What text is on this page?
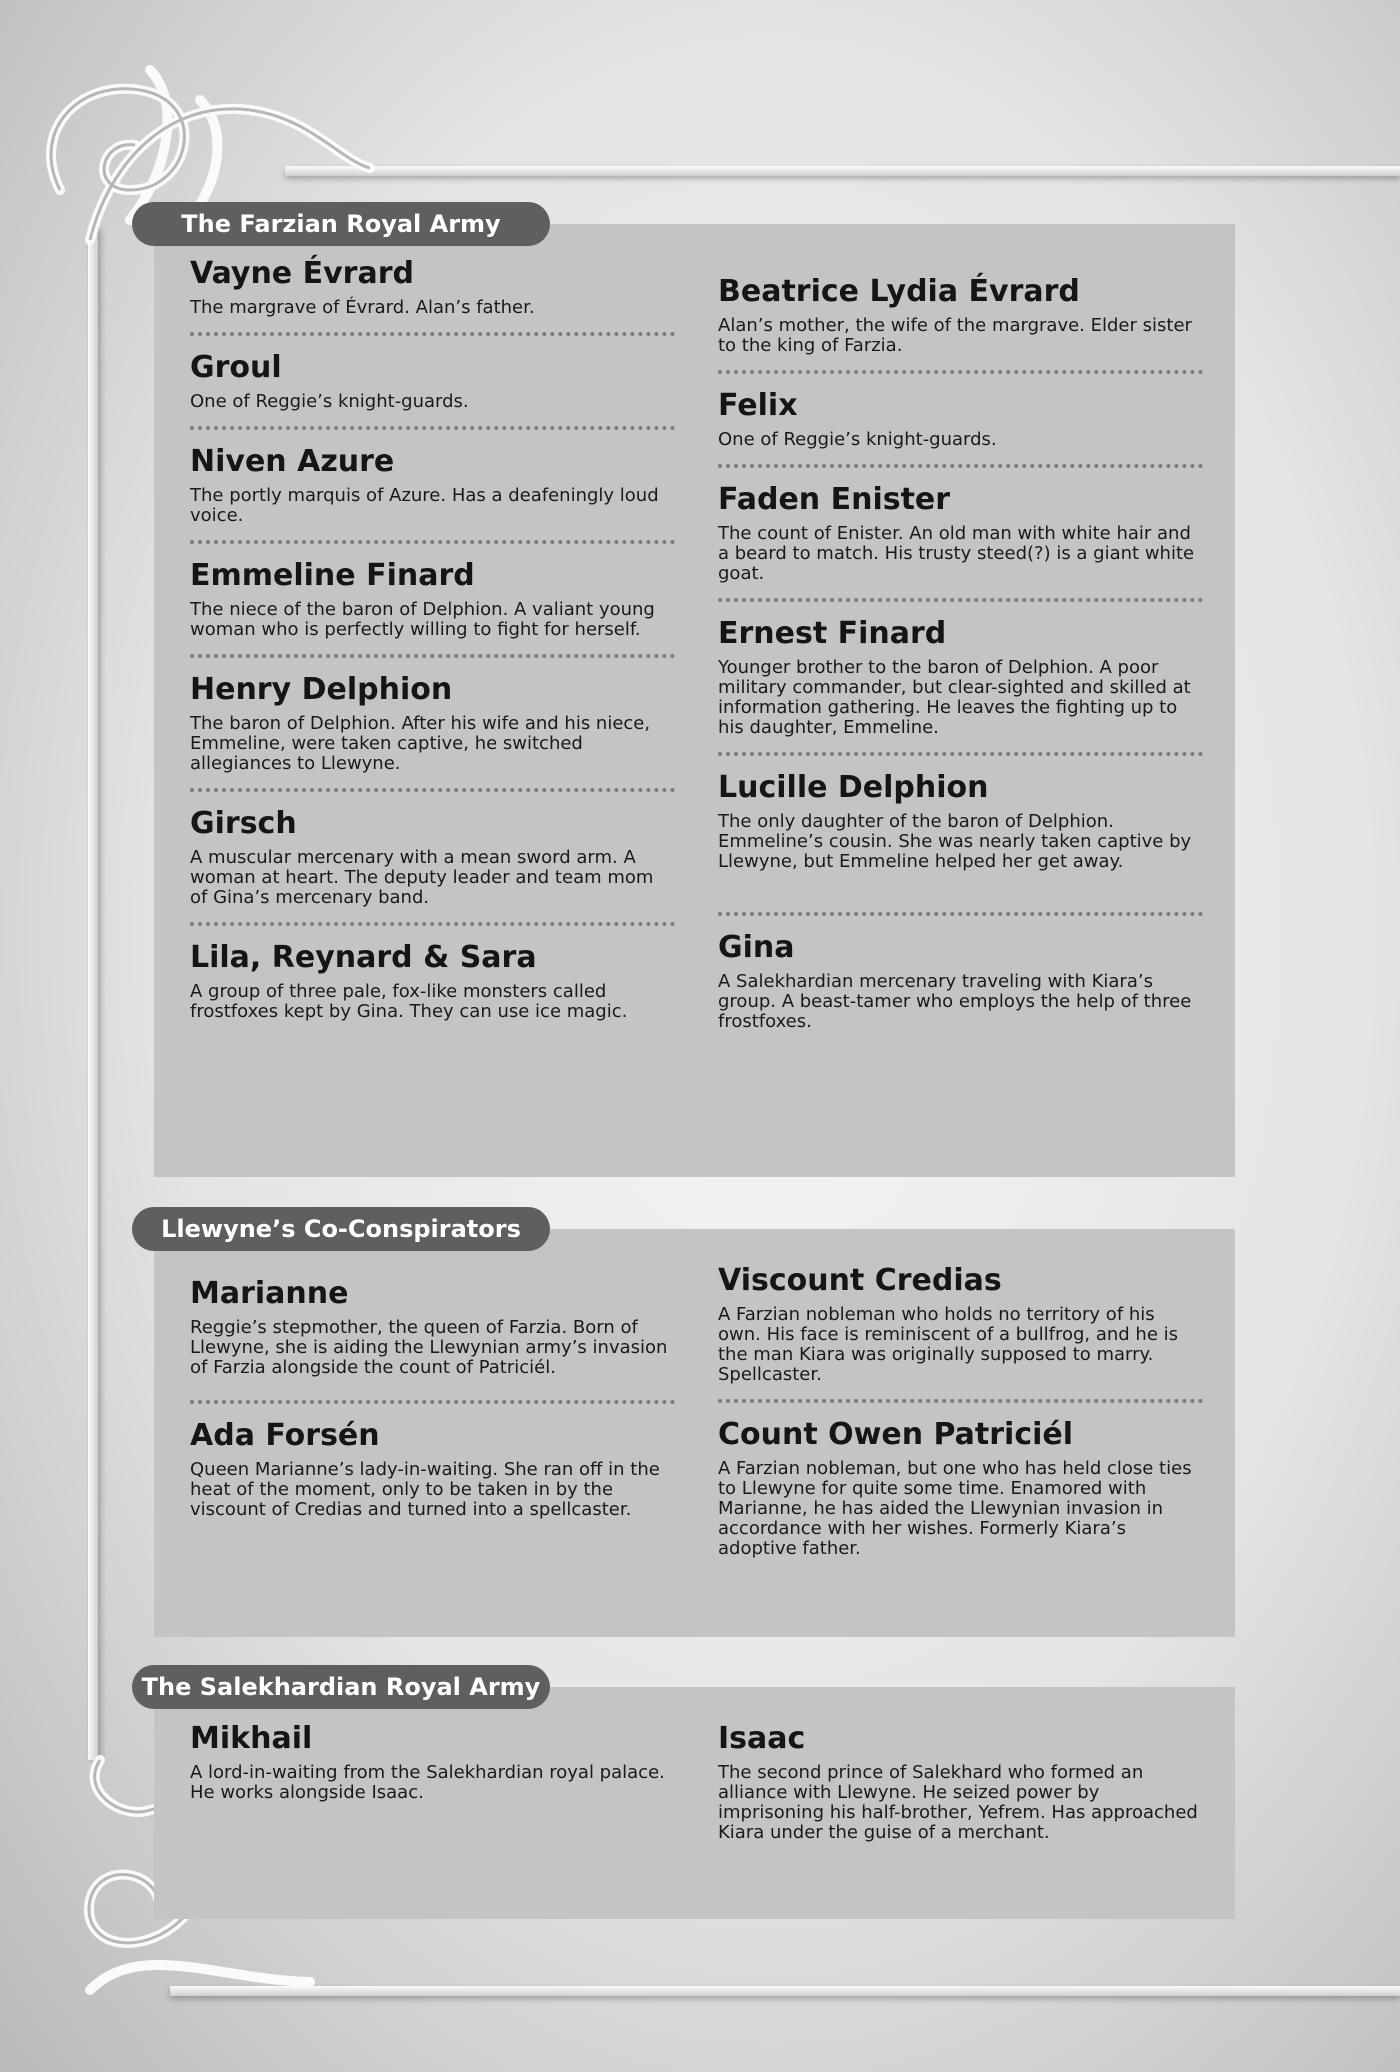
The Farzian Royal Army
Vayne Évrard
The margrave of Évrard. Alan’s father.
Groul
One of Reggie’s knight-guards.
Niven Azure
The portly marquis of Azure. Has a deafeningly loud voice.
Emmeline Finard
The niece of the baron of Delphion. A valiant young woman who is perfectly willing to fight for herself.
Henry Delphion
The baron of Delphion. After his wife and his niece, Emmeline, were taken captive, he switched allegiances to Llewyne.
Girsch
A muscular mercenary with a mean sword arm. A woman at heart. The deputy leader and team mom of Gina’s mercenary band.
Lila, Reynard & Sara
A group of three pale, fox-like monsters called frostfoxes kept by Gina. They can use ice magic.
Beatrice Lydia Évrard
Alan’s mother, the wife of the margrave. Elder sister to the king of Farzia.
Felix
One of Reggie’s knight-guards.
Faden Enister
The count of Enister. An old man with white hair and a beard to match. His trusty steed(?) is a giant white goat.
Ernest Finard
Younger brother to the baron of Delphion. A poor military commander, but clear-sighted and skilled at information gathering. He leaves the fighting up to his daughter, Emmeline.
Lucille Delphion
The only daughter of the baron of Delphion. Emmeline’s cousin. She was nearly taken captive by Llewyne, but Emmeline helped her get away.
Gina
A Salekhardian mercenary traveling with Kiara’s group. A beast-tamer who employs the help of three frostfoxes.
Llewyne’s Co-Conspirators
Marianne
Reggie’s stepmother, the queen of Farzia. Born of Llewyne, she is aiding the Llewynian army’s invasion of Farzia alongside the count of Patriciél.
Ada Forsén
Queen Marianne’s lady-in-waiting. She ran off in the heat of the moment, only to be taken in by the viscount of Credias and turned into a spellcaster.
Viscount Credias
A Farzian nobleman who holds no territory of his own. His face is reminiscent of a bullfrog, and he is the man Kiara was originally supposed to marry. Spellcaster.
Count Owen Patriciél
A Farzian nobleman, but one who has held close ties to Llewyne for quite some time. Enamored with Marianne, he has aided the Llewynian invasion in accordance with her wishes. Formerly Kiara’s adoptive father.
The Salekhardian Royal Army
Mikhail
A lord-in-waiting from the Salekhardian royal palace. He works alongside Isaac.
Isaac
The second prince of Salekhard who formed an alliance with Llewyne. He seized power by imprisoning his half-brother, Yefrem. Has approached Kiara under the guise of a merchant.
